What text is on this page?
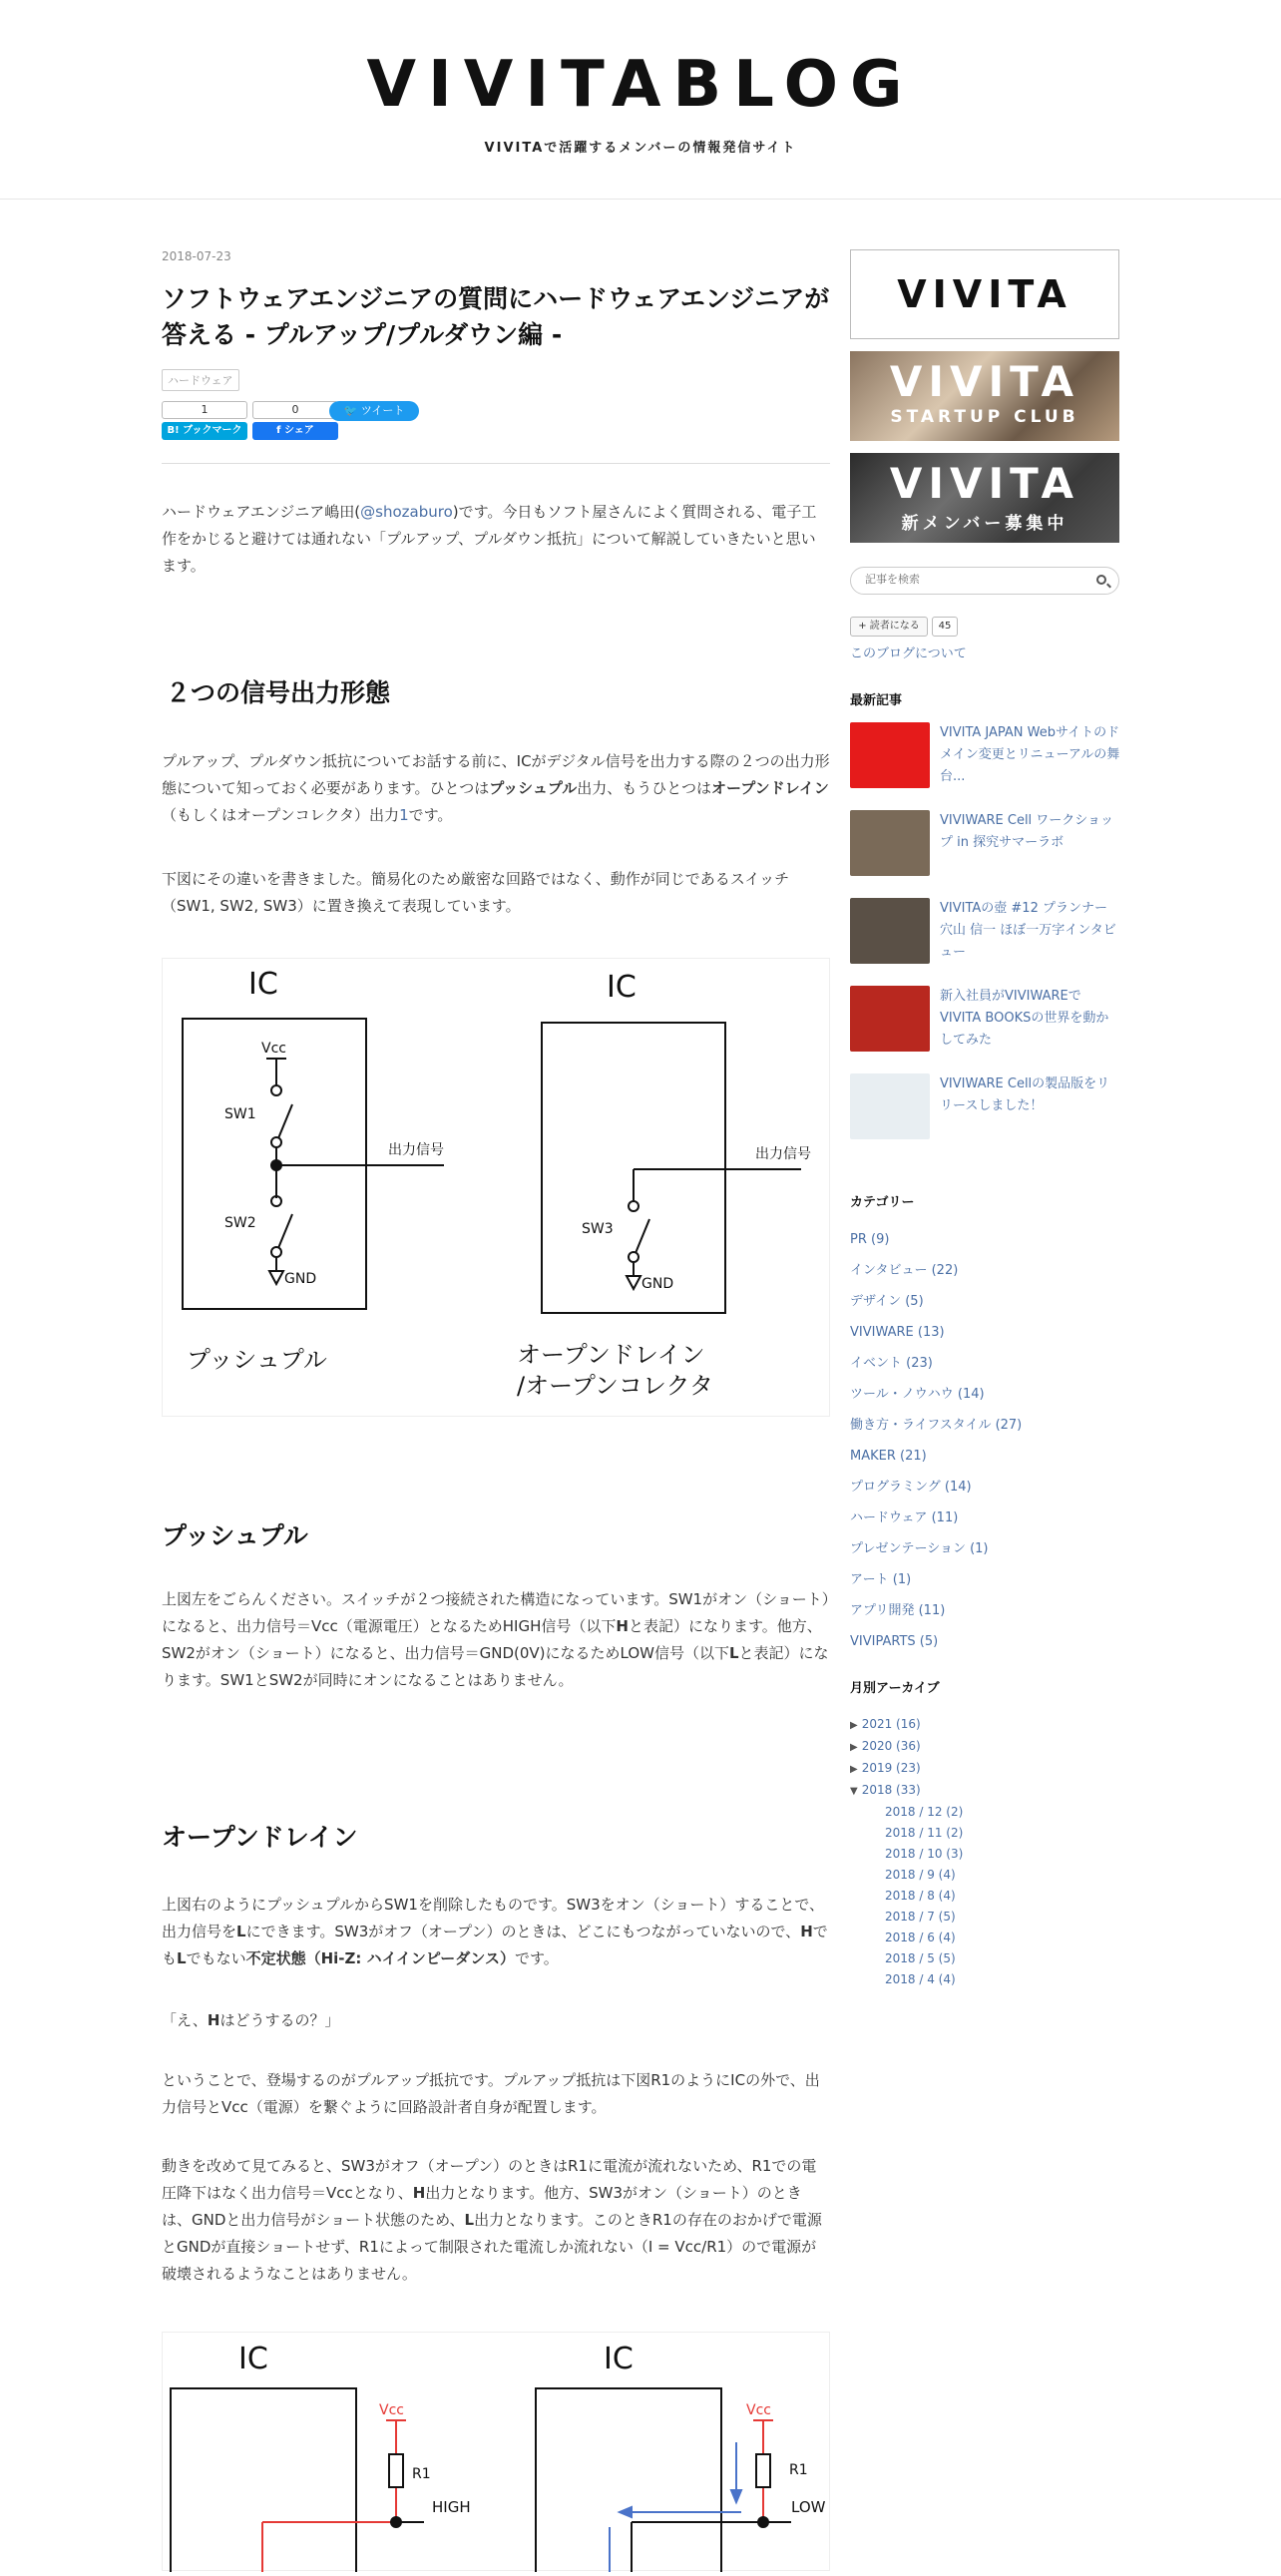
VIVITABLOG
VIVITAで活躍するメンバーの情報発信サイト
2018-07-23
ソフトウェアエンジニアの質問にハードウェアエンジニアが答える - プルアップ/プルダウン編 -
ハードウェア
1
B! ブックマーク
0
f シェア
🐦 ツイート

ハードウェアエンジニア嶋田(@shozaburo)です。今日もソフト屋さんによく質問される、電子工作をかじると避けては通れない「プルアップ、プルダウン抵抗」について解説していきたいと思います。

２つの信号出力形態

プルアップ、プルダウン抵抗についてお話する前に、ICがデジタル信号を出力する際の２つの出力形態について知っておく必要があります。ひとつはプッシュプル出力、もうひとつはオープンドレイン（もしくはオープンコレクタ）出力1です。

下図にその違いを書きました。簡易化のため厳密な回路ではなく、動作が同じであるスイッチ（SW1, SW2, SW3）に置き換えて表現しています。

IC	IC
Vcc
SW1
SW2	SW3
GND	GND
出力信号	出力信号
プッシュプル	オープンドレイン
/オープンコレクタ
プッシュプル

上図左をごらんください。スイッチが２つ接続された構造になっています。SW1がオン（ショート）になると、出力信号＝Vcc（電源電圧）となるためHIGH信号（以下Hと表記）になります。他方、SW2がオン（ショート）になると、出力信号＝GND(0V)になるためLOW信号（以下Lと表記）になります。SW1とSW2が同時にオンになることはありません。

オープンドレイン

上図右のようにプッシュプルからSW1を削除したものです。SW3をオン（ショート）することで、出力信号をLにできます。SW3がオフ（オープン）のときは、どこにもつながっていないので、HでもLでもない不定状態（Hi-Z: ハイインピーダンス）です。

「え、Hはどうするの？」

ということで、登場するのがプルアップ抵抗です。プルアップ抵抗は下図R1のようにICの外で、出力信号とVcc（電源）を繋ぐように回路設計者自身が配置します。

動きを改めて見てみると、SW3がオフ（オープン）のときはR1に電流が流れないため、R1での電圧降下はなく出力信号＝Vccとなり、H出力となります。他方、SW3がオン（ショート）のときは、GNDと出力信号がショート状態のため、L出力となります。このときR1の存在のおかげで電源とGNDが直接ショートせず、R1によって制限された電流しか流れない（I = Vcc/R1）ので電源が破壊されるようなことはありません。

IC	IC
Vcc	Vcc
R1	R1
HIGH	LOW
VIVITA
VIVITA
STARTUP CLUB
VIVITA
新メンバー募集中
記事を検索
+ 読者になる	45
このブログについて
最新記事
VIVITA JAPAN Webサイトのドメイン変更とリニューアルの舞台...
VIVIWARE Cell ワークショップ in 探究サマーラボ
VIVITAの壺 #12 プランナー 穴山 信一 ほぼ一万字インタビュー
新入社員がVIVIWAREでVIVITA BOOKSの世界を動かしてみた
VIVIWARE Cellの製品版をリリースしました！
カテゴリー
PR (9)
インタビュー (22)
デザイン (5)
VIVIWARE (13)
イベント (23)
ツール・ノウハウ (14)
働き方・ライフスタイル (27)
MAKER (21)
プログラミング (14)
ハードウェア (11)
プレゼンテーション (1)
アート (1)
アプリ開発 (11)
VIVIPARTS (5)
月別アーカイブ
▶ 2021 (16)
▶ 2020 (36)
▶ 2019 (23)
▼ 2018 (33)
2018 / 12 (2)
2018 / 11 (2)
2018 / 10 (3)
2018 / 9 (4)
2018 / 8 (4)
2018 / 7 (5)
2018 / 6 (4)
2018 / 5 (5)
2018 / 4 (4)
